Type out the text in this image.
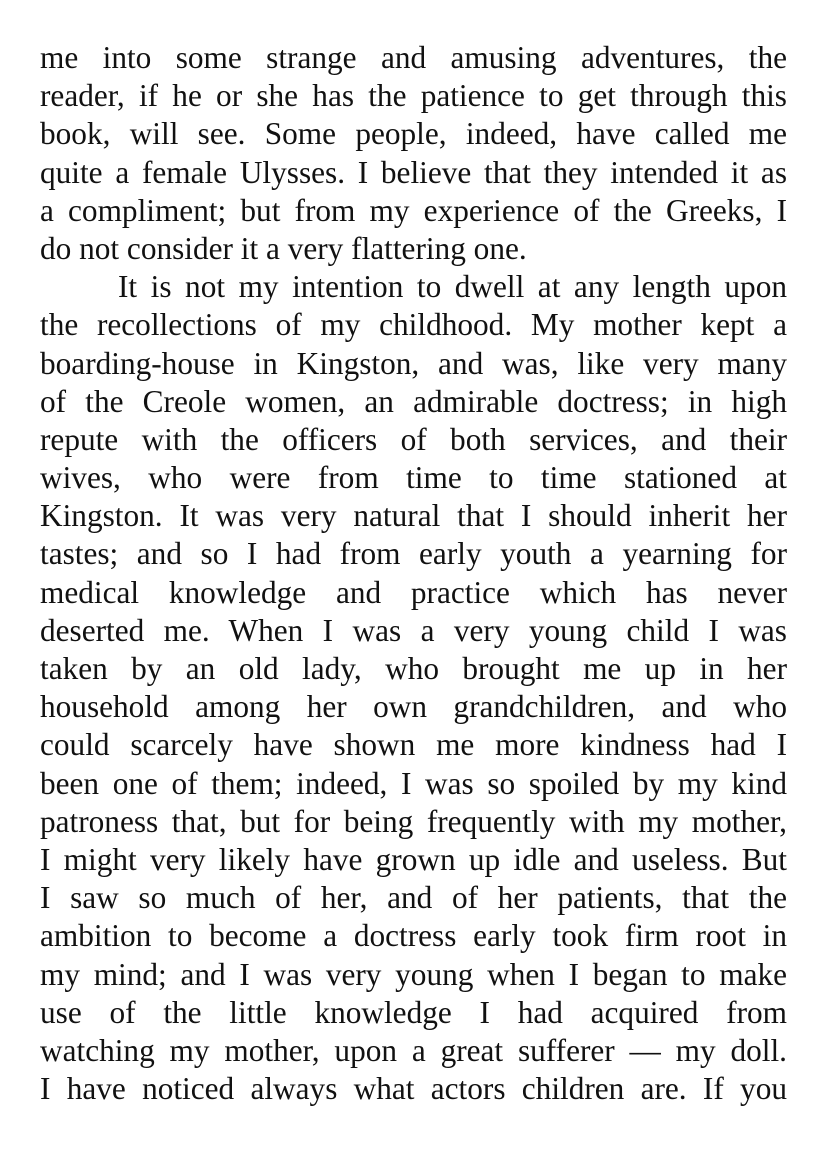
me into some strange and amusing adventures, the
reader, if he or she has the patience to get through this
book, will see. Some people, indeed, have called me
quite a female Ulysses. I believe that they intended it as
a compliment; but from my experience of the Greeks, I
do not consider it a very flattering one.
It is not my intention to dwell at any length upon
the recollections of my childhood. My mother kept a
boarding-house in Kingston, and was, like very many
of the Creole women, an admirable doctress; in high
repute with the officers of both services, and their
wives, who were from time to time stationed at
Kingston. It was very natural that I should inherit her
tastes; and so I had from early youth a yearning for
medical knowledge and practice which has never
deserted me. When I was a very young child I was
taken by an old lady, who brought me up in her
household among her own grandchildren, and who
could scarcely have shown me more kindness had I
been one of them; indeed, I was so spoiled by my kind
patroness that, but for being frequently with my mother,
I might very likely have grown up idle and useless. But
I saw so much of her, and of her patients, that the
ambition to become a doctress early took firm root in
my mind; and I was very young when I began to make
use of the little knowledge I had acquired from
watching my mother, upon a great sufferer — my doll.
I have noticed always what actors children are. If you
